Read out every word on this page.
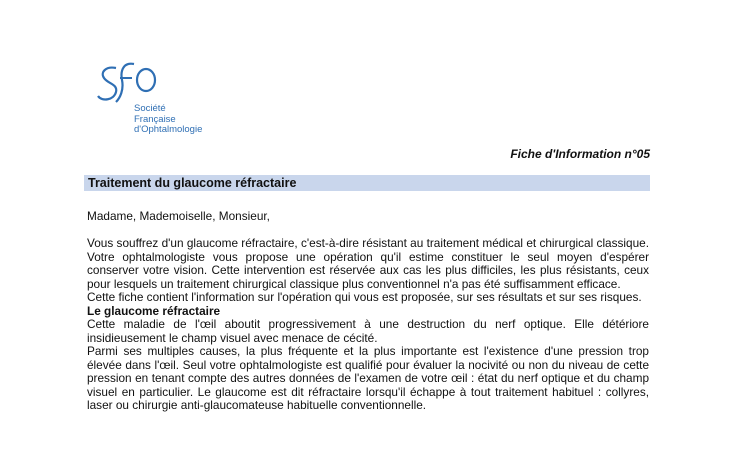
Société
Française
d'Ophtalmologie
Fiche d'Information n°05
Traitement du glaucome réfractaire

Madame, Mademoiselle, Monsieur,

Vous souffrez d'un glaucome réfractaire, c'est-à-dire résistant au traitement médical et chirurgical classique. Votre ophtalmologiste vous propose une opération qu'il estime constituer le seul moyen d'espérer conserver votre vision. Cette intervention est réservée aux cas les plus difficiles, les plus résistants, ceux pour lesquels un traitement chirurgical classique plus conventionnel n'a pas été suffisamment efficace.

Cette fiche contient l'information sur l'opération qui vous est proposée, sur ses résultats et sur ses risques.

Le glaucome réfractaire

Cette maladie de l'œil aboutit progressivement à une destruction du nerf optique. Elle détériore insidieusement le champ visuel avec menace de cécité.

Parmi ses multiples causes, la plus fréquente et la plus importante est l'existence d'une pression trop élevée dans l'œil. Seul votre ophtalmologiste est qualifié pour évaluer la nocivité ou non du niveau de cette pression en tenant compte des autres données de l'examen de votre œil : état du nerf optique et du champ visuel en particulier. Le glaucome est dit réfractaire lorsqu'il échappe à tout traitement habituel : collyres, laser ou chirurgie anti-glaucomateuse habituelle conventionnelle.
